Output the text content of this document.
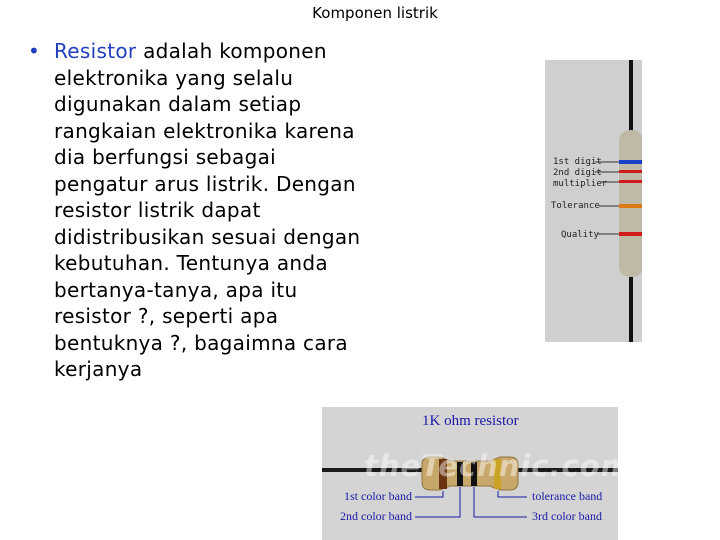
Komponen listrik
• Resistor adalah komponen elektronika yang selalu digunakan dalam setiap rangkaian elektronika karena dia berfungsi sebagai pengatur arus listrik. Dengan resistor listrik dapat didistribusikan sesuai dengan kebutuhan. Tentunya anda bertanya-tanya, apa itu resistor ?, seperti apa bentuknya ?, bagaimna cara kerjanya
1st digit
2nd digit
multiplier
Tolerance
Quality
1K ohm resistor
theTechnic.com
1st color band
2nd color band
tolerance band
3rd color band
